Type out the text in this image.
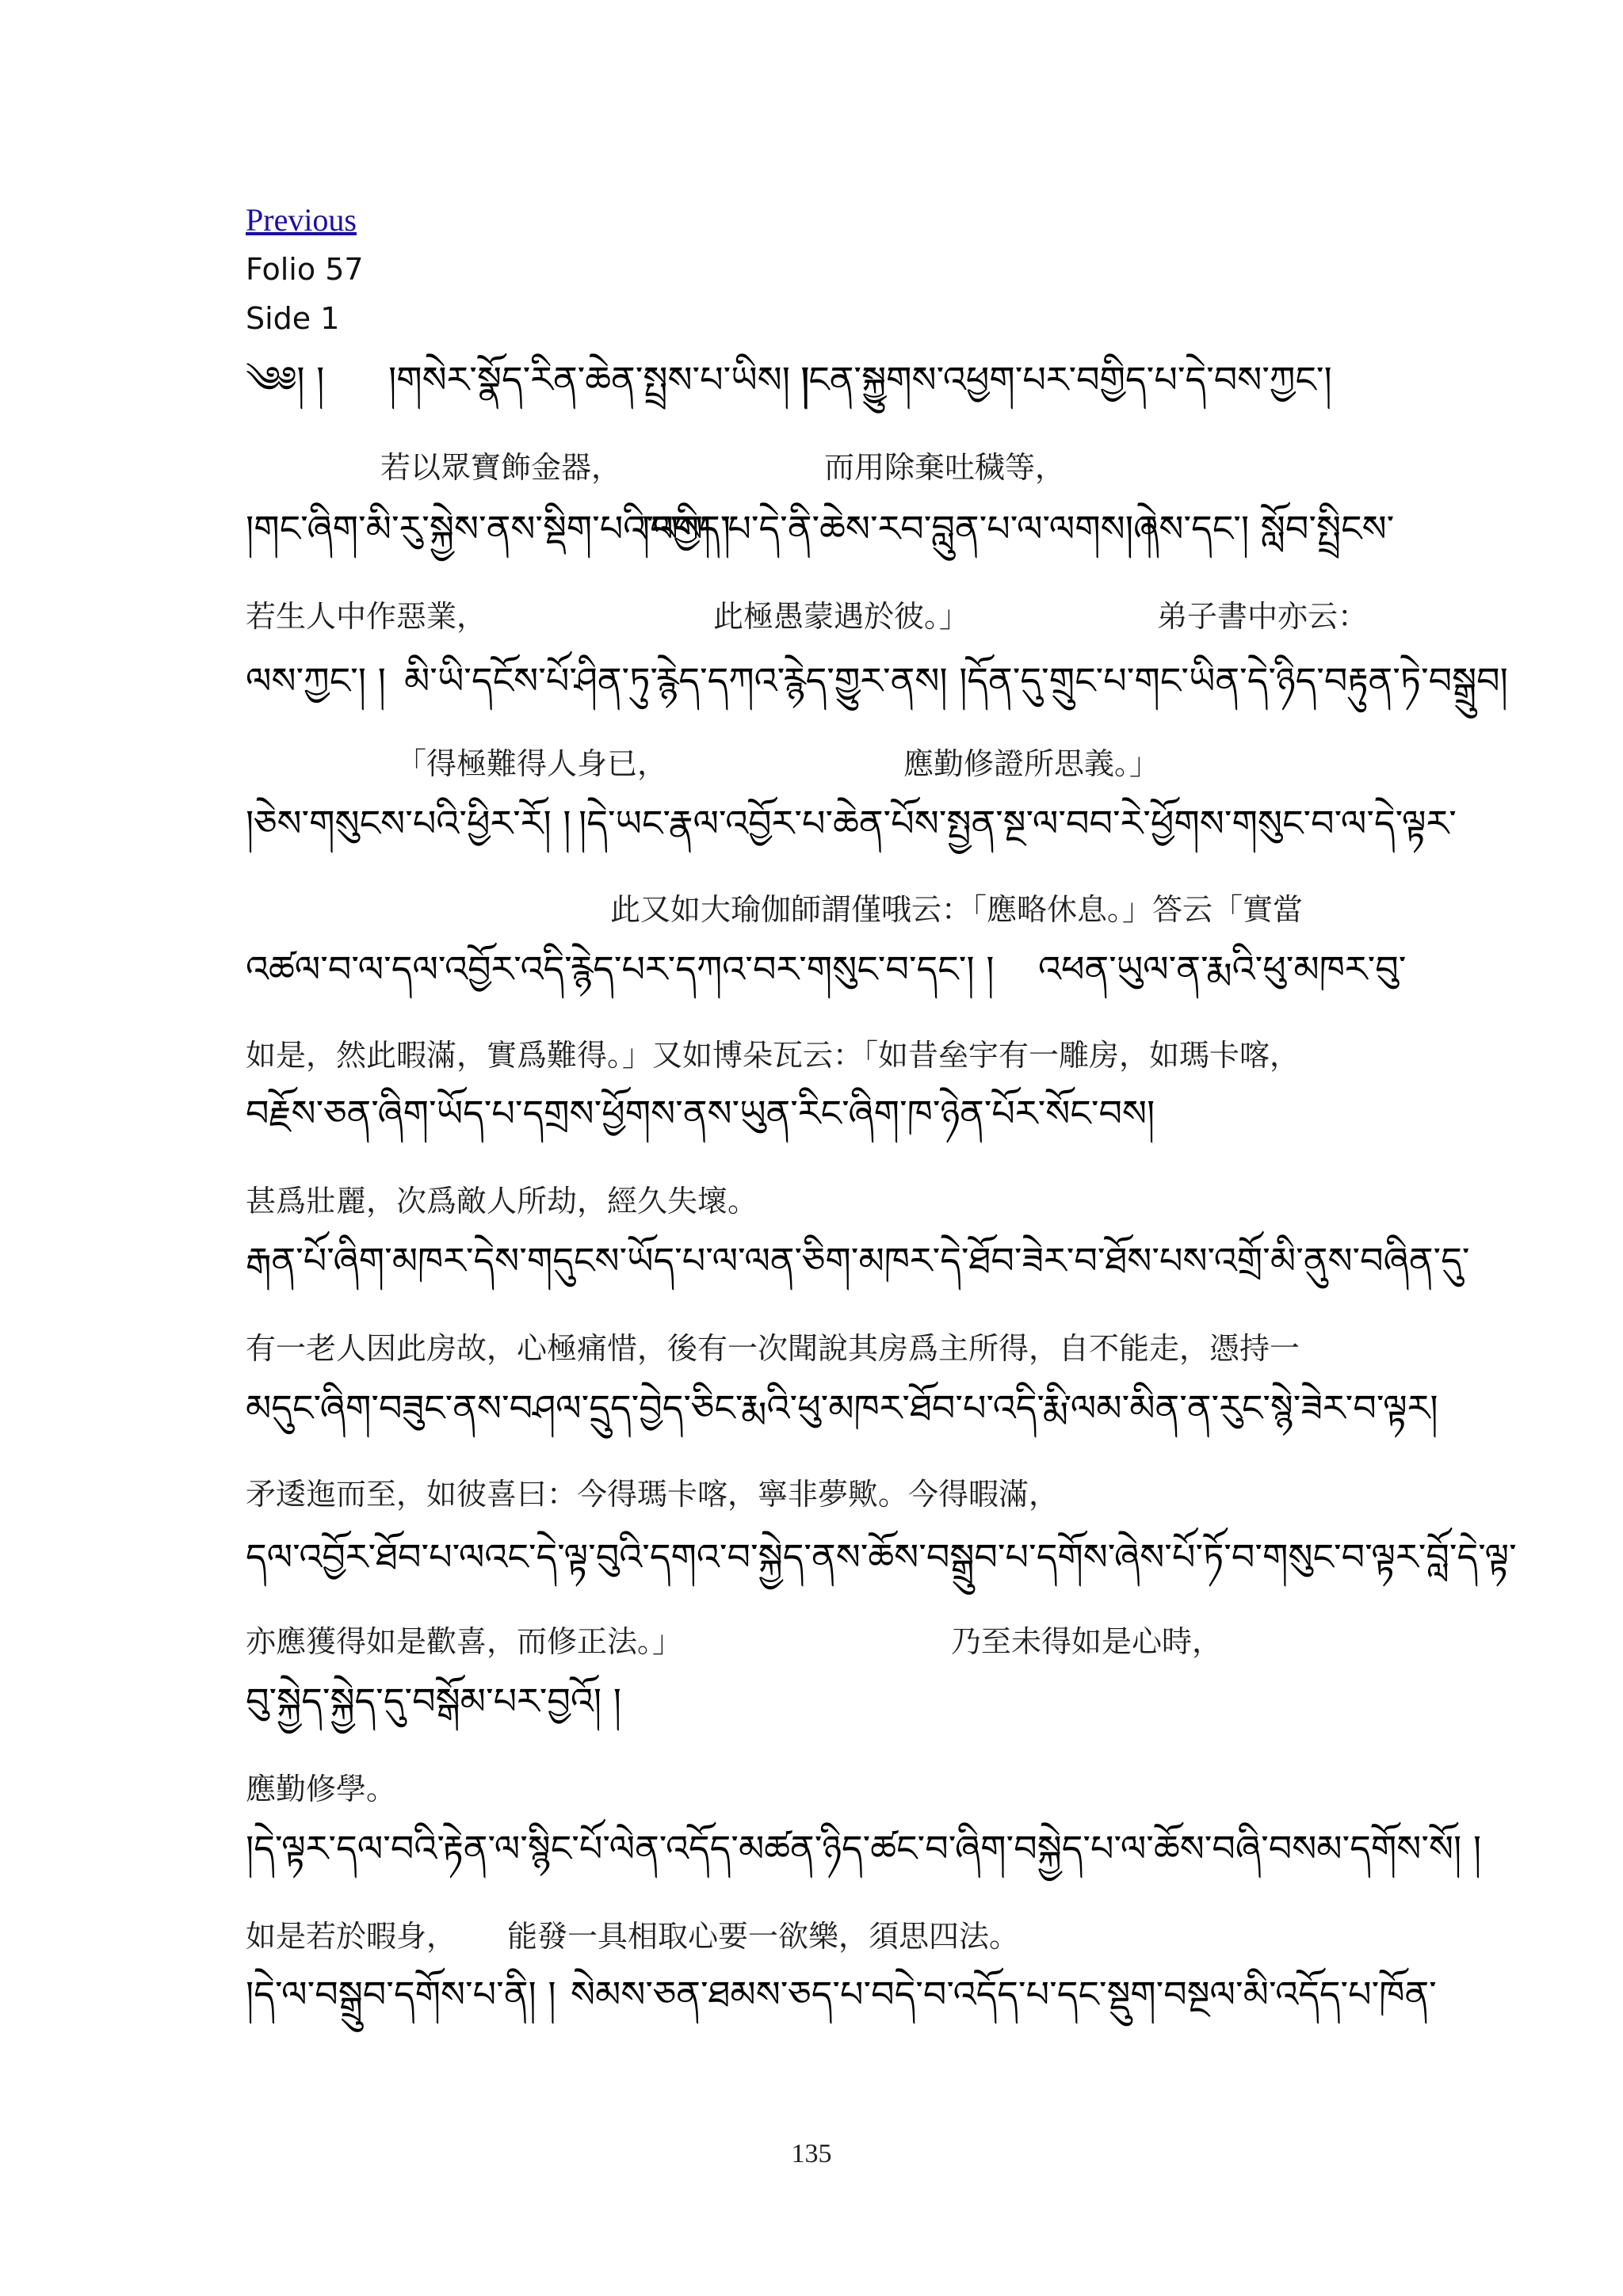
Previous
Folio 57
Side 1
༄༅། ། །གསེར་སྣོད་རིན་ཆེན་སྤྲས་པ་ཡིས། །
།ངན་སྐྱུགས་འཕྱག་པར་བགྱིད་པ་དེ་བས་ཀྱང་།
若以眾寶飾金器，	而用除棄吐穢等，
།གང་ཞིག་མི་རུ་སྐྱེས་ནས་སྡིག་པའི་ལས། །
།བགྱིད་པ་དེ་ནི་ཆེས་རབ་བླུན་པ་ལ་ལགས། །
།ཞེས་དང་། སློབ་སྤྲིངས་
若生人中作惡業，	此極愚蒙遇於彼。」	弟子書中亦云：
ལས་ཀྱང་། ། མི་ཡི་དངོས་པོ་ཤིན་ཏུ་རྙེད་དཀའ་རྙེད་གྱུར་ནས། །དོན་དུ་གྲུང་པ་གང་ཡིན་དེ་ཉིད་བརྟུན་ཏེ་བསྒྲུབ།
「得極難得人身已，	應勤修證所思義。」
།ཅེས་གསུངས་པའི་ཕྱིར་རོ། ། །དེ་ཡང་རྣལ་འབྱོར་པ་ཆེན་པོས་སྤྱན་སྔ་ལ་བབ་རེ་ཕྱོགས་གསུང་བ་ལ་དེ་ལྟར་
此又如大瑜伽師謂僅哦云：「應略休息。」答云「實當
འཚལ་བ་ལ་དལ་འབྱོར་འདི་རྙེད་པར་དཀའ་བར་གསུང་བ་དང་། ། འཕན་ཡུལ་ན་རྨའི་ཕུ་མཁར་བུ་
如是，然此暇滿，實爲難得。」又如博朵瓦云：「如昔垒宇有一雕房，如瑪卡喀，
བརྗོས་ཅན་ཞིག་ཡོད་པ་དགྲས་ཕྱོགས་ནས་ཡུན་རིང་ཞིག་ཁ་ཉེན་པོར་སོང་བས།
甚爲壯麗，次爲敵人所劫，經久失壞。
རྒན་པོ་ཞིག་མཁར་དེས་གདུངས་ཡོད་པ་ལ་ལན་ཅིག་མཁར་དེ་ཐོབ་ཟེར་བ་ཐོས་པས་འགྲོ་མི་ནུས་བཞིན་དུ་
有一老人因此房故，心極痛惜，後有一次聞說其房爲主所得，自不能走，憑持一
མདུང་ཞིག་བཟུང་ནས་བཤལ་དྲུད་བྱེད་ཅིང་རྨའི་ཕུ་མཁར་ཐོབ་པ་འདི་རྨི་ལམ་མིན་ན་རུང་སྙེ་ཟེར་བ་ལྟར།
矛逶迤而至，如彼喜曰：今得瑪卡喀，寧非夢歟。今得暇滿，
དལ་འབྱོར་ཐོབ་པ་ལའང་དེ་ལྟ་བུའི་དགའ་བ་སྐྱེད་ནས་ཆོས་བསྒྲུབ་པ་དགོས་ཞེས་པོ་ཏོ་བ་གསུང་བ་ལྟར་བློ་དེ་ལྟ་
亦應獲得如是歡喜，而修正法。」	乃至未得如是心時，
བུ་སྐྱེད་སྐྱེད་དུ་བསྒོམ་པར་བྱའོ། །
應勤修學。
།དེ་ལྟར་དལ་བའི་རྟེན་ལ་སྙིང་པོ་ལེན་འདོད་མཚན་ཉིད་ཚང་བ་ཞིག་བསྐྱེད་པ་ལ་ཆོས་བཞི་བསམ་དགོས་སོ། །
如是若於暇身， 能發一具相取心要一欲樂，須思四法。
།དེ་ལ་བསྒྲུབ་དགོས་པ་ནི། ། སེམས་ཅན་ཐམས་ཅད་པ་བདེ་བ་འདོད་པ་དང་སྡུག་བསྔལ་མི་འདོད་པ་ཁོན་
135
